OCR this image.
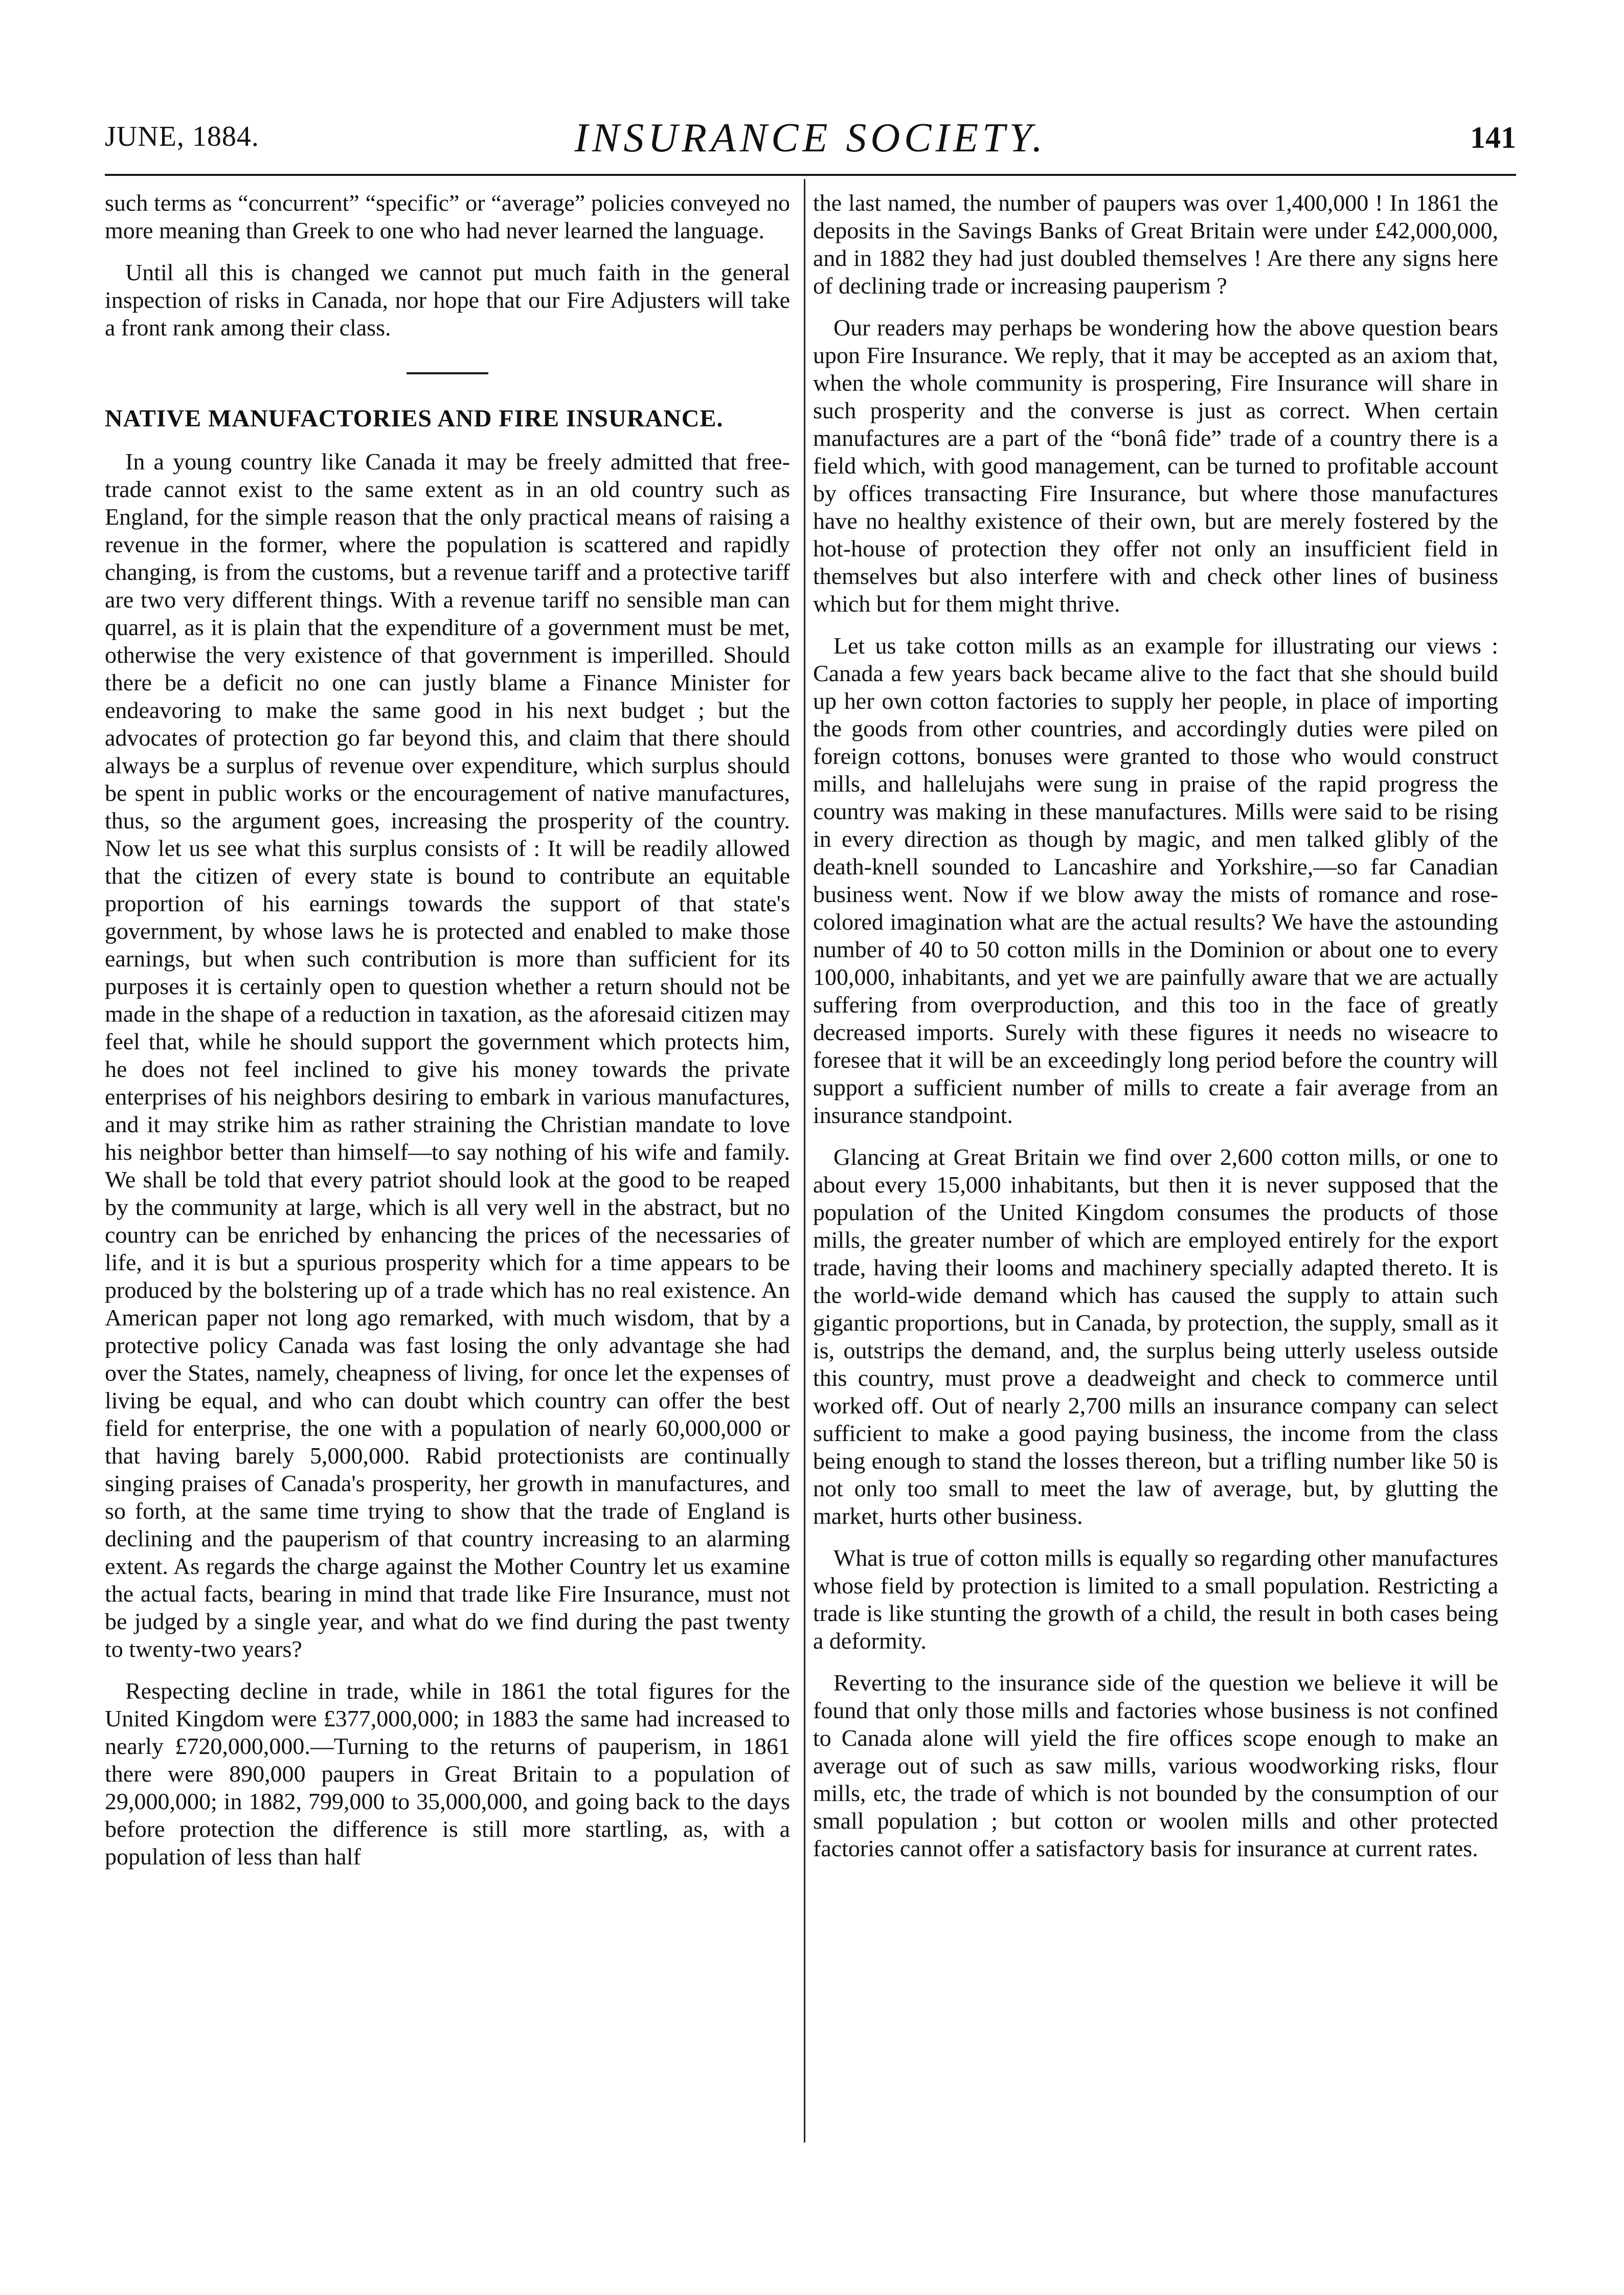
JUNE, 1884.	INSURANCE SOCIETY.	141

such terms as “concurrent” “specific” or “average” policies conveyed no more meaning than Greek to one who had never learned the language.

Until all this is changed we cannot put much faith in the general inspection of risks in Canada, nor hope that our Fire Adjusters will take a front rank among their class.

NATIVE MANUFACTORIES AND FIRE INSURANCE.

In a young country like Canada it may be freely admitted that free-trade cannot exist to the same extent as in an old country such as England, for the simple reason that the only practical means of raising a revenue in the former, where the population is scattered and rapidly changing, is from the customs, but a revenue tariff and a protective tariff are two very different things. With a revenue tariff no sensible man can quarrel, as it is plain that the expenditure of a government must be met, otherwise the very existence of that government is imperilled. Should there be a deficit no one can justly blame a Finance Minister for endeavoring to make the same good in his next budget ; but the advocates of protection go far beyond this, and claim that there should always be a surplus of revenue over expenditure, which surplus should be spent in public works or the encouragement of native manufactures, thus, so the argument goes, increasing the prosperity of the country. Now let us see what this surplus consists of : It will be readily allowed that the citizen of every state is bound to contribute an equitable proportion of his earnings towards the support of that state's government, by whose laws he is protected and enabled to make those earnings, but when such contribution is more than sufficient for its purposes it is certainly open to question whether a return should not be made in the shape of a reduction in taxation, as the aforesaid citizen may feel that, while he should support the government which protects him, he does not feel inclined to give his money towards the private enterprises of his neighbors desiring to embark in various manufactures, and it may strike him as rather straining the Christian mandate to love his neighbor better than himself—to say nothing of his wife and family. We shall be told that every patriot should look at the good to be reaped by the community at large, which is all very well in the abstract, but no country can be enriched by enhancing the prices of the necessaries of life, and it is but a spurious prosperity which for a time appears to be produced by the bolstering up of a trade which has no real existence. An American paper not long ago remarked, with much wisdom, that by a protective policy Canada was fast losing the only advantage she had over the States, namely, cheapness of living, for once let the expenses of living be equal, and who can doubt which country can offer the best field for enterprise, the one with a population of nearly 60,000,000 or that having barely 5,000,000. Rabid protectionists are continually singing praises of Canada's prosperity, her growth in manufactures, and so forth, at the same time trying to show that the trade of England is declining and the pauperism of that country increasing to an alarming extent. As regards the charge against the Mother Country let us examine the actual facts, bearing in mind that trade like Fire Insurance, must not be judged by a single year, and what do we find during the past twenty to twenty-two years?

Respecting decline in trade, while in 1861 the total figures for the United Kingdom were £377,000,000; in 1883 the same had increased to nearly £720,000,000.—Turning to the returns of pauperism, in 1861 there were 890,000 paupers in Great Britain to a population of 29,000,000; in 1882, 799,000 to 35,000,000, and going back to the days before protection the difference is still more startling, as, with a population of less than half

the last named, the number of paupers was over 1,400,000 ! In 1861 the deposits in the Savings Banks of Great Britain were under £42,000,000, and in 1882 they had just doubled themselves ! Are there any signs here of declining trade or increasing pauperism ?

Our readers may perhaps be wondering how the above question bears upon Fire Insurance. We reply, that it may be accepted as an axiom that, when the whole community is prospering, Fire Insurance will share in such prosperity and the converse is just as correct. When certain manufactures are a part of the “bonâ fide” trade of a country there is a field which, with good management, can be turned to profitable account by offices transacting Fire Insurance, but where those manufactures have no healthy existence of their own, but are merely fostered by the hot-house of protection they offer not only an insufficient field in themselves but also interfere with and check other lines of business which but for them might thrive.

Let us take cotton mills as an example for illustrating our views : Canada a few years back became alive to the fact that she should build up her own cotton factories to supply her people, in place of importing the goods from other countries, and accordingly duties were piled on foreign cottons, bonuses were granted to those who would construct mills, and hallelujahs were sung in praise of the rapid progress the country was making in these manufactures. Mills were said to be rising in every direction as though by magic, and men talked glibly of the death-knell sounded to Lancashire and Yorkshire,—so far Canadian business went. Now if we blow away the mists of romance and rose-colored imagination what are the actual results? We have the astounding number of 40 to 50 cotton mills in the Dominion or about one to every 100,000, inhabitants, and yet we are painfully aware that we are actually suffering from overproduction, and this too in the face of greatly decreased imports. Surely with these figures it needs no wiseacre to foresee that it will be an exceedingly long period before the country will support a sufficient number of mills to create a fair average from an insurance standpoint.

Glancing at Great Britain we find over 2,600 cotton mills, or one to about every 15,000 inhabitants, but then it is never supposed that the population of the United Kingdom consumes the products of those mills, the greater number of which are employed entirely for the export trade, having their looms and machinery specially adapted thereto. It is the world-wide demand which has caused the supply to attain such gigantic proportions, but in Canada, by protection, the supply, small as it is, outstrips the demand, and, the surplus being utterly useless outside this country, must prove a deadweight and check to commerce until worked off. Out of nearly 2,700 mills an insurance company can select sufficient to make a good paying business, the income from the class being enough to stand the losses thereon, but a trifling number like 50 is not only too small to meet the law of average, but, by glutting the market, hurts other business.

What is true of cotton mills is equally so regarding other manufactures whose field by protection is limited to a small population. Restricting a trade is like stunting the growth of a child, the result in both cases being a deformity.

Reverting to the insurance side of the question we believe it will be found that only those mills and factories whose business is not confined to Canada alone will yield the fire offices scope enough to make an average out of such as saw mills, various woodworking risks, flour mills, etc, the trade of which is not bounded by the consumption of our small population ; but cotton or woolen mills and other protected factories cannot offer a satisfactory basis for insurance at current rates.
